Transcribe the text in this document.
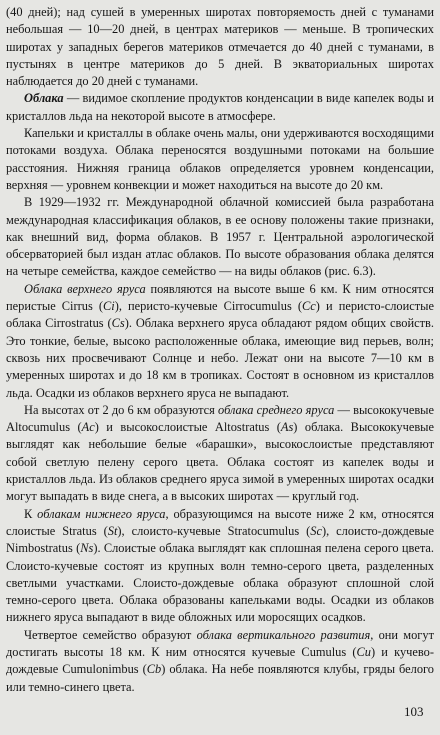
(40 дней); над сушей в умеренных широтах повторяемость дней с туманами небольшая — 10—20 дней, в центрах материков — меньше. В тропических широтах у западных берегов материков отмечается до 40 дней с туманами, в пустынях в центре материков до 5 дней. В экваториальных широтах наблюдается до 20 дней с туманами.

Облака — видимое скопление продуктов конденсации в виде капелек воды и кристаллов льда на некоторой высоте в атмосфере.

Капельки и кристаллы в облаке очень малы, они удерживаются восходящими потоками воздуха. Облака переносятся воздушными потоками на большие расстояния. Нижняя граница облаков определяется уровнем конденсации, верхняя — уровнем конвекции и может находиться на высоте до 20 км.

В 1929—1932 гг. Международной облачной комиссией была разработана международная классификация облаков, в ее основу положены такие признаки, как внешний вид, форма облаков. В 1957 г. Центральной аэрологической обсерваторией был издан атлас облаков. По высоте образования облака делятся на четыре семейства, каждое семейство — на виды облаков (рис. 6.3).

Облака верхнего яруса появляются на высоте выше 6 км. К ним относятся перистые Cirrus (Ci), перисто-кучевые Cirrocumulus (Cc) и перисто-слоистые облака Cirrostratus (Cs). Облака верхнего яруса обладают рядом общих свойств. Это тонкие, белые, высоко расположенные облака, имеющие вид перьев, волн; сквозь них просвечивают Солнце и небо. Лежат они на высоте 7—10 км в умеренных широтах и до 18 км в тропиках. Состоят в основном из кристаллов льда. Осадки из облаков верхнего яруса не выпадают.

На высотах от 2 до 6 км образуются облака среднего яруса — высококучевые Altocumulus (Ac) и высокослоистые Altostratus (As) облака. Высококучевые выглядят как небольшие белые «барашки», высокослоистые представляют собой светлую пелену серого цвета. Облака состоят из капелек воды и кристаллов льда. Из облаков среднего яруса зимой в умеренных широтах осадки могут выпадать в виде снега, а в высоких широтах — круглый год.

К облакам нижнего яруса, образующимся на высоте ниже 2 км, относятся слоистые Stratus (St), слоисто-кучевые Stratocumulus (Sc), слоисто-дождевые Nimbostratus (Ns). Слоистые облака выглядят как сплошная пелена серого цвета. Слоисто-кучевые состоят из крупных волн темно-серого цвета, разделенных светлыми участками. Слоисто-дождевые облака образуют сплошной слой темно-серого цвета. Облака образованы капельками воды. Осадки из облаков нижнего яруса выпадают в виде обложных или моросящих осадков.

Четвертое семейство образуют облака вертикального развития, они могут достигать высоты 18 км. К ним относятся кучевые Cumulus (Cu) и кучево-дождевые Cumulonimbus (Cb) облака. На небе появляются клубы, гряды белого или темно-синего цвета.

103
